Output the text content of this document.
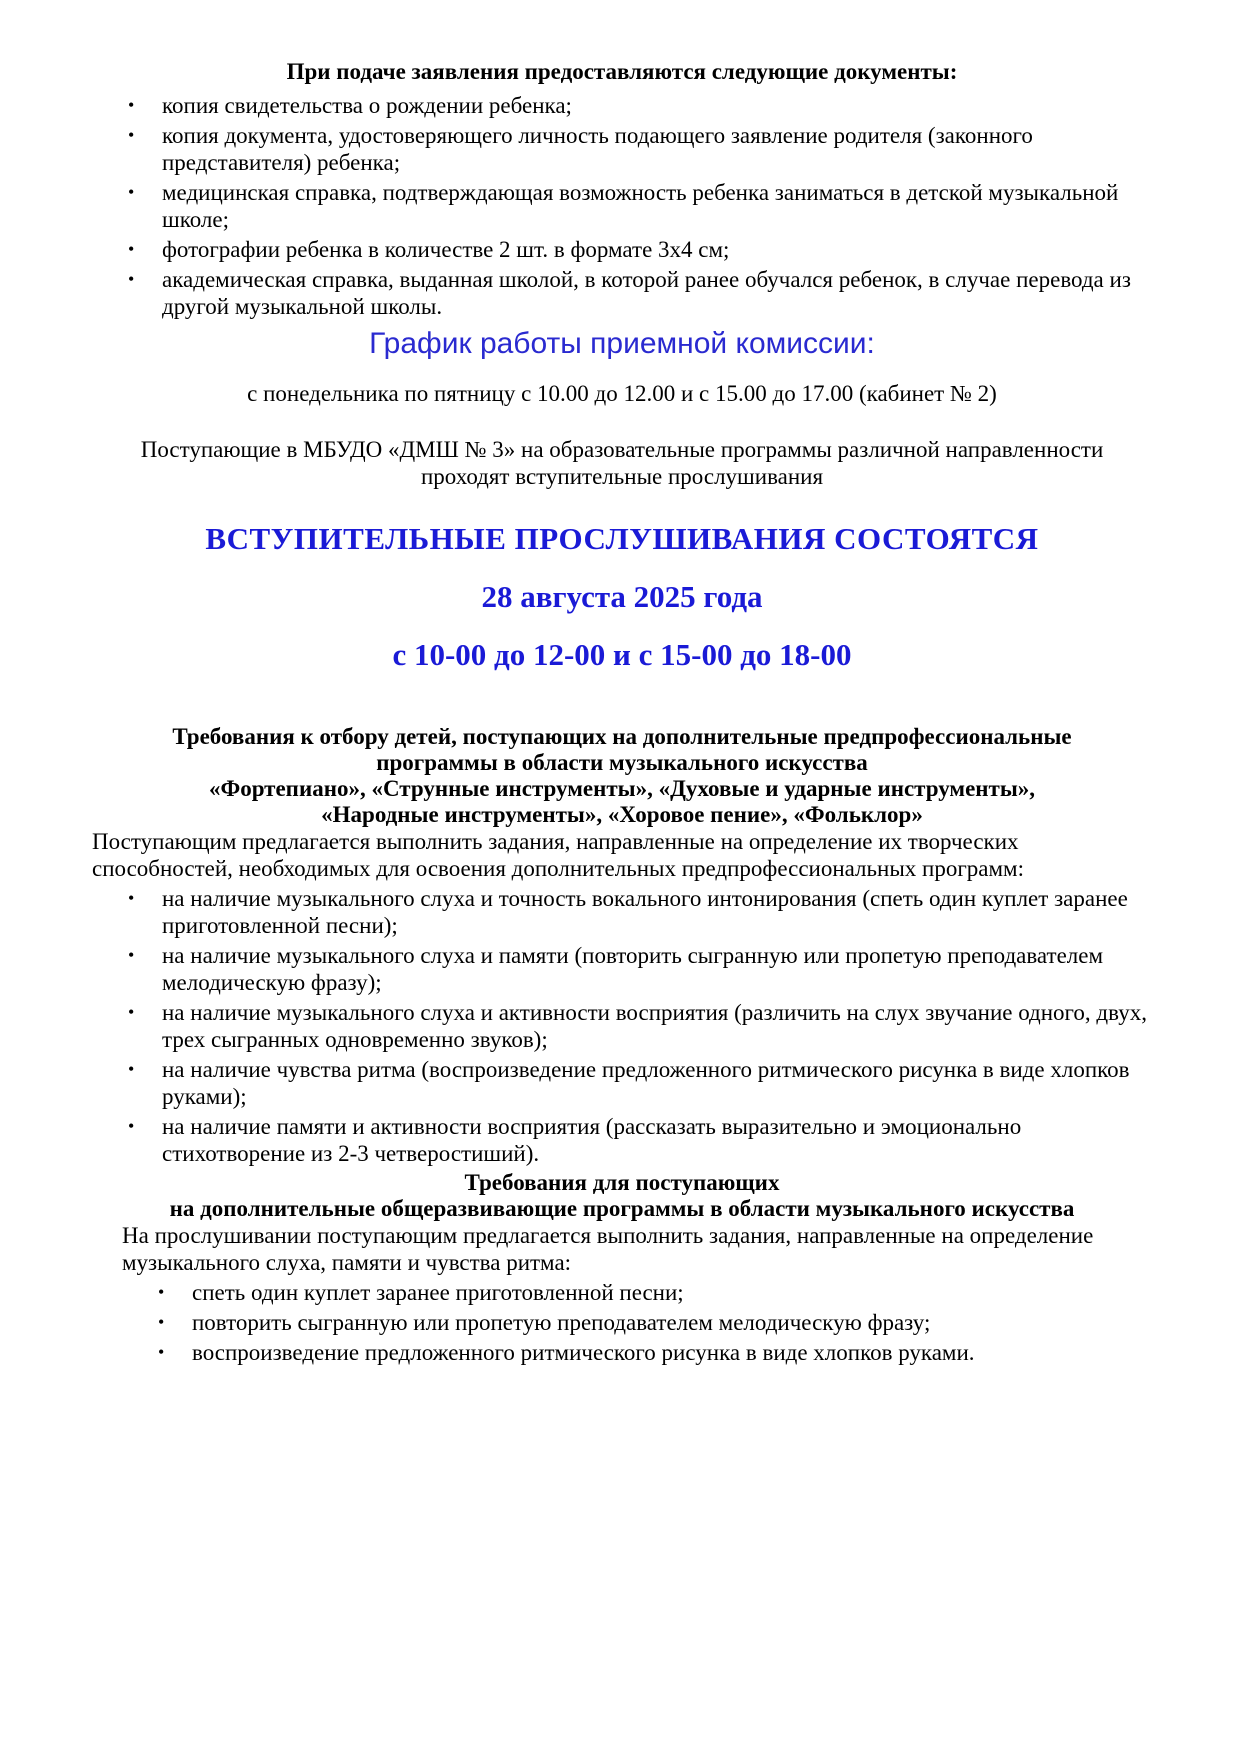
При подаче заявления предоставляются следующие документы:
• копия свидетельства о рождении ребенка;
• копия документа, удостоверяющего личность подающего заявление родителя (законного представителя) ребенка;
• медицинская справка, подтверждающая возможность ребенка заниматься в детской музыкальной школе;
• фотографии ребенка в количестве 2 шт. в формате 3х4 см;
• академическая справка, выданная школой, в которой ранее обучался ребенок, в случае перевода из другой музыкальной школы.
График работы приемной комиссии:
с понедельника по пятницу с 10.00 до 12.00 и с 15.00 до 17.00 (кабинет № 2)
Поступающие в МБУДО «ДМШ № 3» на образовательные программы различной направленности
проходят вступительные прослушивания
ВСТУПИТЕЛЬНЫЕ ПРОСЛУШИВАНИЯ СОСТОЯТСЯ
28 августа 2025 года
с 10-00 до 12-00 и с 15-00 до 18-00
Требования к отбору детей, поступающих на дополнительные предпрофессиональные
программы в области музыкального искусства
«Фортепиано», «Струнные инструменты», «Духовые и ударные инструменты»,
«Народные инструменты», «Хоровое пение», «Фольклор»
Поступающим предлагается выполнить задания, направленные на определение их творческих способностей, необходимых для освоения дополнительных предпрофессиональных программ:
• на наличие музыкального слуха и точность вокального интонирования (спеть один куплет заранее приготовленной песни);
• на наличие музыкального слуха и памяти (повторить сыгранную или пропетую преподавателем мелодическую фразу);
• на наличие музыкального слуха и активности восприятия (различить на слух звучание одного, двух, трех сыгранных одновременно звуков);
• на наличие чувства ритма (воспроизведение предложенного ритмического рисунка в виде хлопков руками);
• на наличие памяти и активности восприятия (рассказать выразительно и эмоционально стихотворение из 2-3 четверостиший).
Требования для поступающих
на дополнительные общеразвивающие программы в области музыкального искусства
На прослушивании поступающим предлагается выполнить задания, направленные на определение музыкального слуха, памяти и чувства ритма:
• спеть один куплет заранее приготовленной песни;
• повторить сыгранную или пропетую преподавателем мелодическую фразу;
• воспроизведение предложенного ритмического рисунка в виде хлопков руками.
